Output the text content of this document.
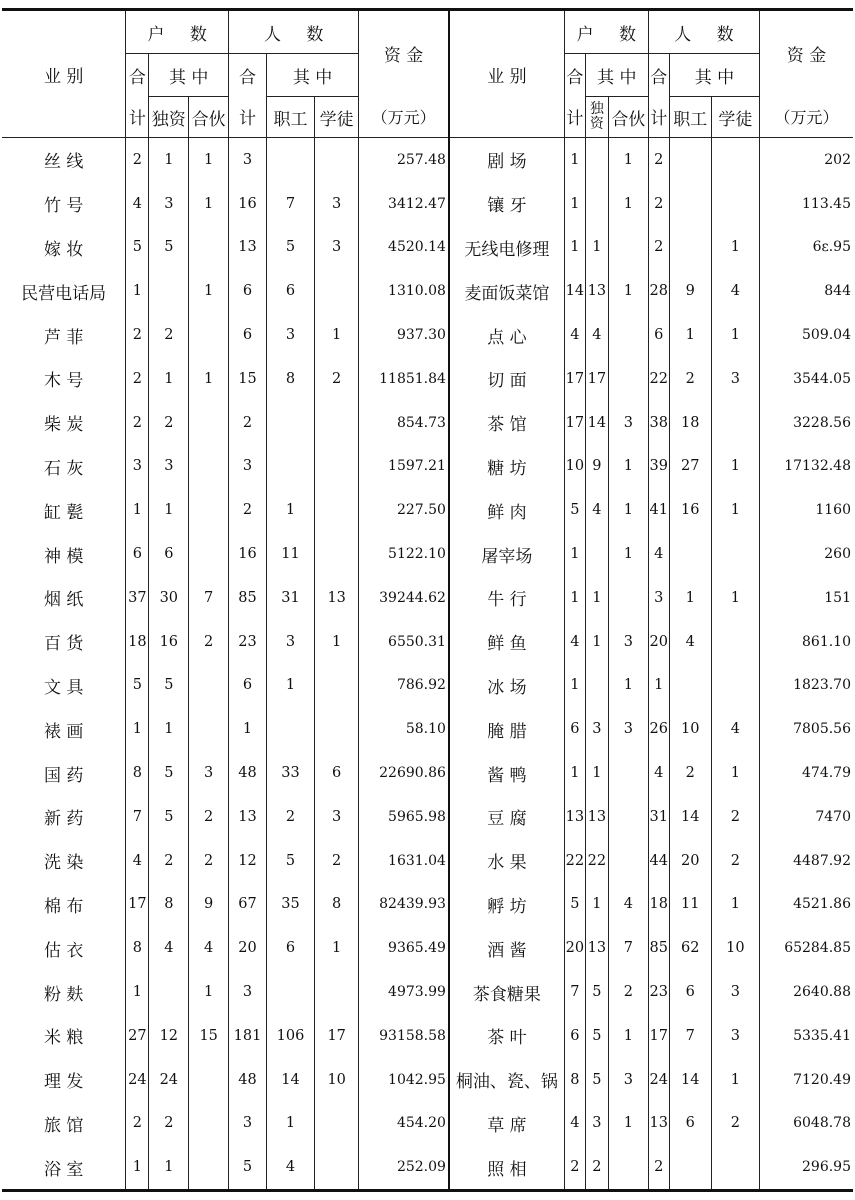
业 别	户 数			人 数			资 金	业 别	户 数			人 数			资 金
	合	其 中		合	其 中				合	其 中		合	其 中		
	计	独资	合伙	计	职工	学徒	（万元）		计	独资	合伙	计	职工	学徒	（万元）
丝 线	2	1	1	3			257.48	剧 场	1		1	2			202
竹 号	4	3	1	16	7	3	3412.47	镶 牙	1		1	2			113.45
嫁 妆	5	5		13	5	3	4520.14	无线电修理	1	1		2		1	6ε.95
民营电话局	1		1	6	6		1310.08	麦面饭菜馆	14	13	1	28	9	4	844
芦 菲	2	2		6	3	1	937.30	点 心	4	4		6	1	1	509.04
木 号	2	1	1	15	8	2	11851.84	切 面	17	17		22	2	3	3544.05
柴 炭	2	2		2			854.73	茶 馆	17	14	3	38	18		3228.56
石 灰	3	3		3			1597.21	糖 坊	10	9	1	39	27	1	17132.48
缸 甏	1	1		2	1		227.50	鲜 肉	5	4	1	41	16	1	1160
神 模	6	6		16	11		5122.10	屠宰场	1		1	4			260
烟 纸	37	30	7	85	31	13	39244.62	牛 行	1	1		3	1	1	151
百 货	18	16	2	23	3	1	6550.31	鲜 鱼	4	1	3	20	4		861.10
文 具	5	5		6	1		786.92	冰 场	1		1	1			1823.70
裱 画	1	1		1			58.10	腌 腊	6	3	3	26	10	4	7805.56
国 药	8	5	3	48	33	6	22690.86	酱 鸭	1	1		4	2	1	474.79
新 药	7	5	2	13	2	3	5965.98	豆 腐	13	13		31	14	2	7470
洗 染	4	2	2	12	5	2	1631.04	水 果	22	22		44	20	2	4487.92
棉 布	17	8	9	67	35	8	82439.93	孵 坊	5	1	4	18	11	1	4521.86
估 衣	8	4	4	20	6	1	9365.49	酒 酱	20	13	7	85	62	10	65284.85
粉 麸	1		1	3			4973.99	茶食糖果	7	5	2	23	6	3	2640.88
米 粮	27	12	15	181	106	17	93158.58	茶 叶	6	5	1	17	7	3	5335.41
理 发	24	24		48	14	10	1042.95	桐油、瓷、锅	8	5	3	24	14	1	7120.49
旅 馆	2	2		3	1		454.20	草 席	4	3	1	13	6	2	6048.78
浴 室	1	1		5	4		252.09	照 相	2	2		2			296.95
